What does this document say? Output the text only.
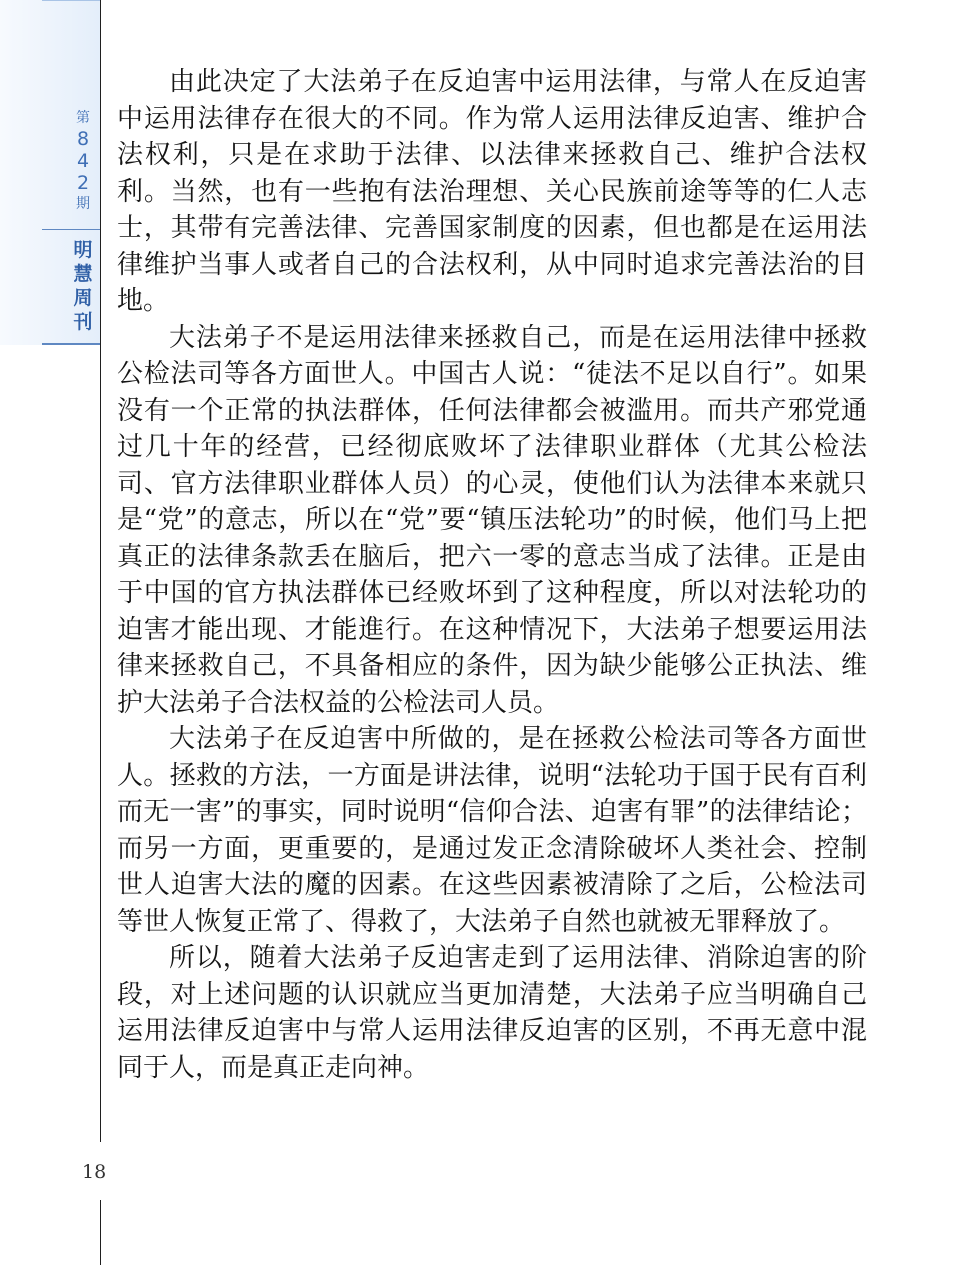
第
8
4
2
期
明
慧
周
刊

由此决定了大法弟子在反迫害中运用法律，与常人在反迫害中运用法律存在很大的不同。作为常人运用法律反迫害、维护合法权利，只是在求助于法律、以法律来拯救自己、维护合法权利。当然，也有一些抱有法治理想、关心民族前途等等的仁人志士，其带有完善法律、完善国家制度的因素，但也都是在运用法律维护当事人或者自己的合法权利，从中同时追求完善法治的目地。

大法弟子不是运用法律来拯救自己，而是在运用法律中拯救公检法司等各方面世人。中国古人说：“徒法不足以自行”。如果没有一个正常的执法群体，任何法律都会被滥用。而共产邪党通过几十年的经营，已经彻底败坏了法律职业群体（尤其公检法司、官方法律职业群体人员）的心灵，使他们认为法律本来就只是“党”的意志，所以在“党”要“镇压法轮功”的时候，他们马上把真正的法律条款丢在脑后，把六一零的意志当成了法律。正是由于中国的官方执法群体已经败坏到了这种程度，所以对法轮功的迫害才能出现、才能進行。在这种情况下，大法弟子想要运用法律来拯救自己，不具备相应的条件，因为缺少能够公正执法、维护大法弟子合法权益的公检法司人员。

大法弟子在反迫害中所做的，是在拯救公检法司等各方面世人。拯救的方法，一方面是讲法律，说明“法轮功于国于民有百利而无一害”的事实，同时说明“信仰合法、迫害有罪”的法律结论；而另一方面，更重要的，是通过发正念清除破坏人类社会、控制世人迫害大法的魔的因素。在这些因素被清除了之后，公检法司等世人恢复正常了、得救了，大法弟子自然也就被无罪释放了。

所以，随着大法弟子反迫害走到了运用法律、消除迫害的阶段，对上述问题的认识就应当更加清楚，大法弟子应当明确自己运用法律反迫害中与常人运用法律反迫害的区别，不再无意中混同于人，而是真正走向神。

18
